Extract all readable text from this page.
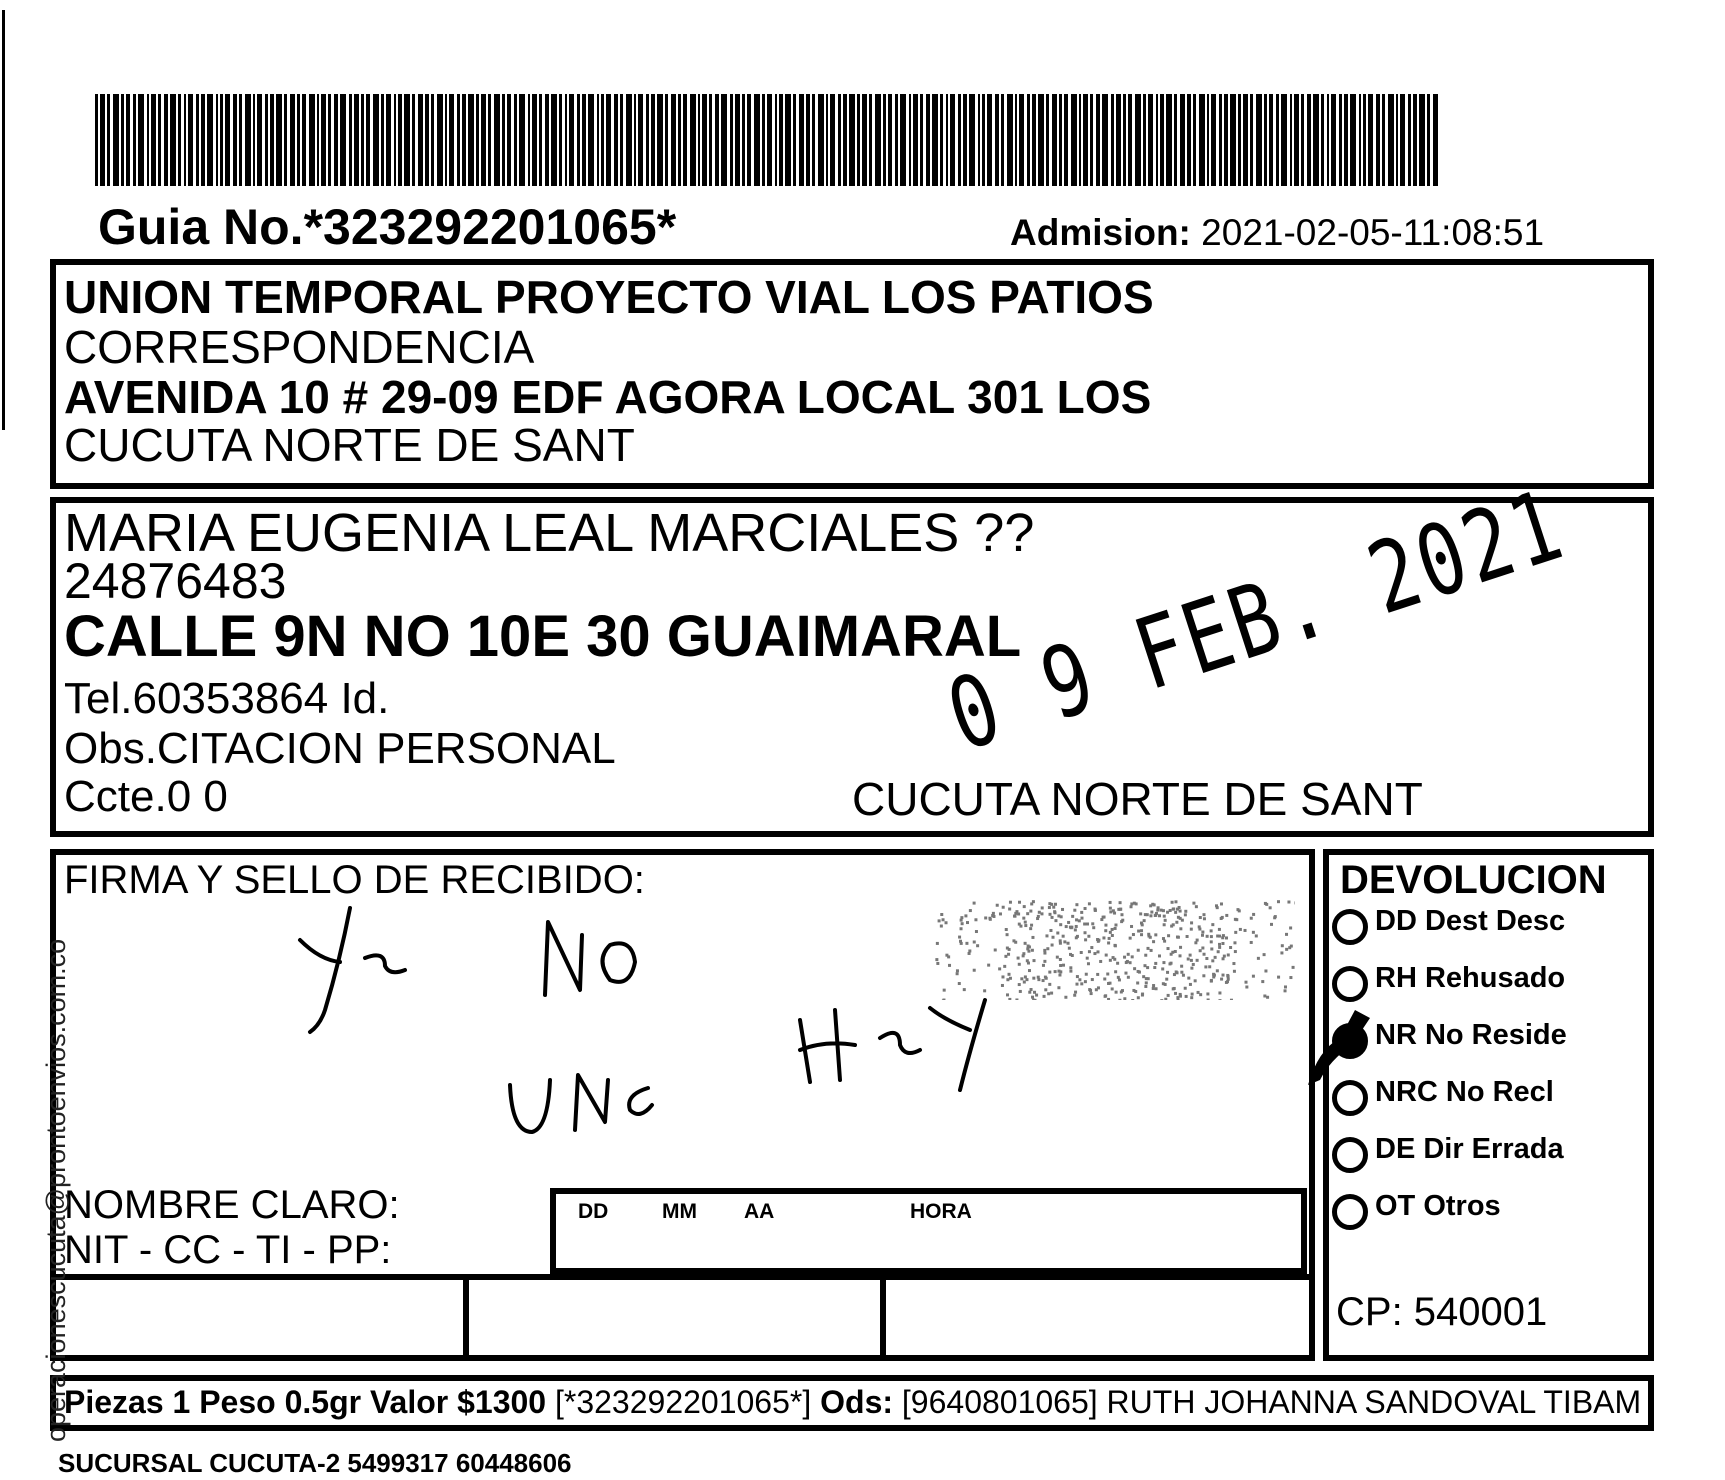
Guia No.*323292201065*	Admision: 2021-02-05-11:08:51
UNION TEMPORAL PROYECTO VIAL LOS PATIOS
CORRESPONDENCIA
AVENIDA 10 # 29-09 EDF AGORA LOCAL 301 LOS
CUCUTA NORTE DE SANT
MARIA EUGENIA LEAL MARCIALES ??
24876483
CALLE 9N NO 10E 30 GUAIMARAL
Tel.60353864 Id.
Obs.CITACION PERSONAL
Ccte.0 0	CUCUTA NORTE DE SANT
0 9 FEB. 2021
FIRMA Y SELLO DE RECIBIDO:
NOMBRE CLARO:
NIT - CC - TI - PP:
DD	MM AA	HORA
DEVOLUCION
DD Dest Desc
RH Rehusado
NR No Reside
NRC No Recl
DE Dir Errada
OT Otros
CP: 540001
Piezas 1 Peso 0.5gr Valor $1300 [*323292201065*] Ods: [9640801065] RUTH JOHANNA SANDOVAL TIBAM
SUCURSAL CUCUTA-2 5499317 60448606
operacionescucuta@prontoenvios.com.co
